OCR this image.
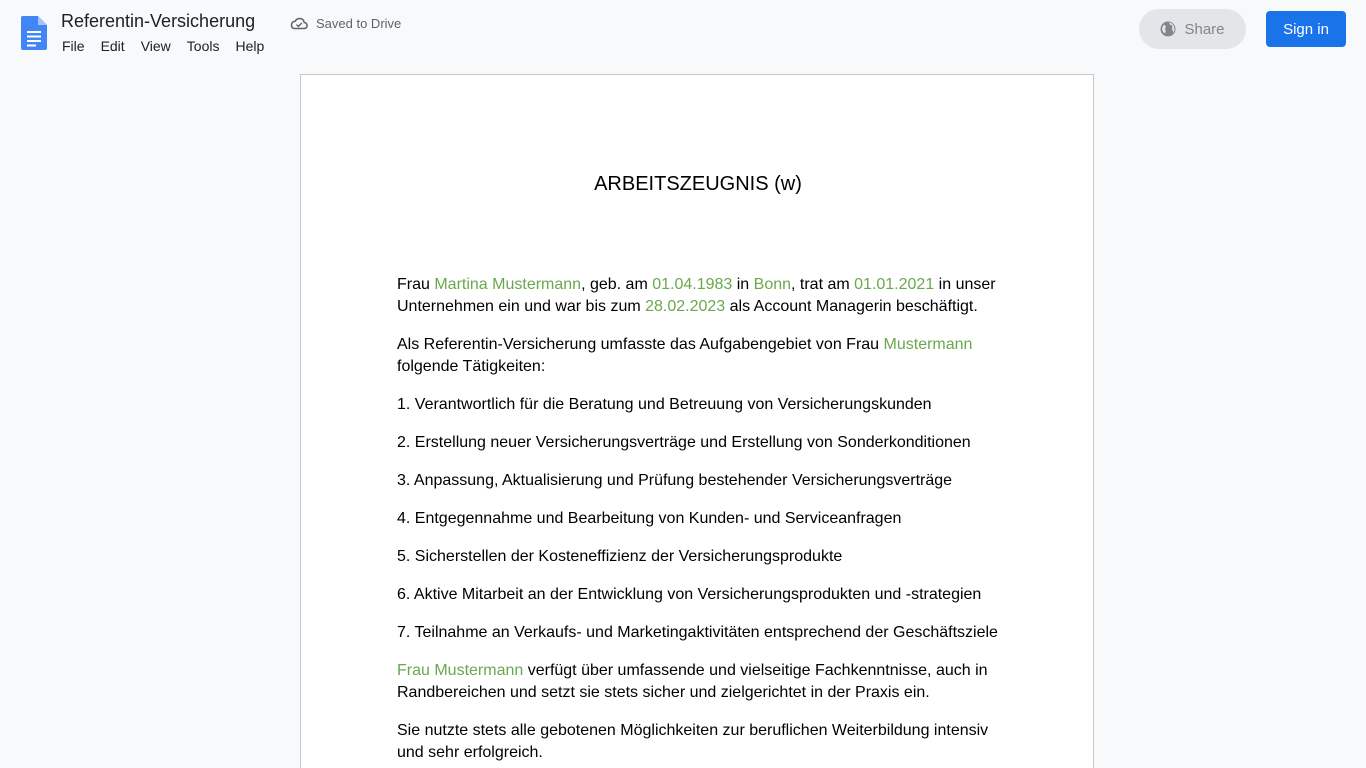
Referentin-Versicherung	Saved to Drive
File	Edit	View	Tools	Help
Share	Sign in
ARBEITSZEUGNIS (w)

Frau Martina Mustermann, geb. am 01.04.1983 in Bonn, trat am 01.01.2021 in unser Unternehmen ein und war bis zum 28.02.2023 als Account Managerin beschäftigt.

Als Referentin-Versicherung umfasste das Aufgabengebiet von Frau Mustermann folgende Tätigkeiten:

1. Verantwortlich für die Beratung und Betreuung von Versicherungskunden

2. Erstellung neuer Versicherungsverträge und Erstellung von Sonderkonditionen

3. Anpassung, Aktualisierung und Prüfung bestehender Versicherungsverträge

4. Entgegennahme und Bearbeitung von Kunden- und Serviceanfragen

5. Sicherstellen der Kosteneffizienz der Versicherungsprodukte

6. Aktive Mitarbeit an der Entwicklung von Versicherungsprodukten und -strategien

7. Teilnahme an Verkaufs- und Marketingaktivitäten entsprechend der Geschäftsziele

Frau Mustermann verfügt über umfassende und vielseitige Fachkenntnisse, auch in Randbereichen und setzt sie stets sicher und zielgerichtet in der Praxis ein.

Sie nutzte stets alle gebotenen Möglichkeiten zur beruflichen Weiterbildung intensiv und sehr erfolgreich.
